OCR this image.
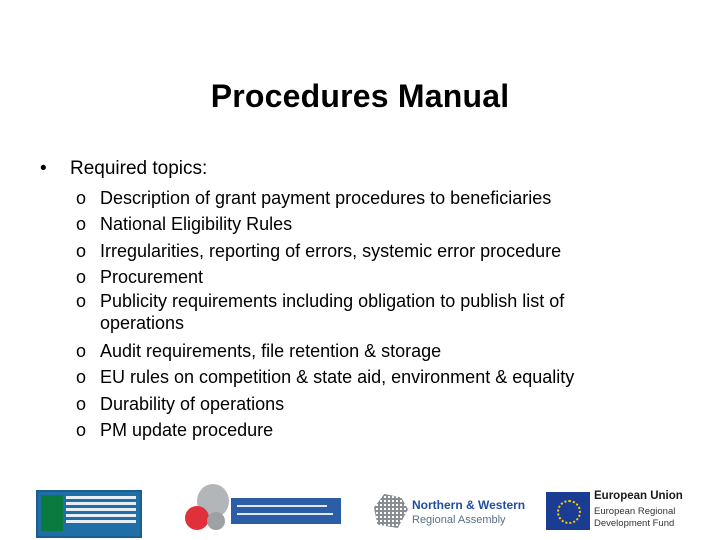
Procedures Manual
• Required topics:
o Description of grant payment procedures to beneficiaries
o National Eligibility Rules
o Irregularities, reporting of errors, systemic error procedure
o Procurement
o Publicity requirements including obligation to publish list of operations
o Audit requirements, file retention & storage
o EU rules on competition & state aid, environment & equality
o Durability of operations
o PM update procedure
Northern & Western
Regional Assembly
European Union
European Regional
Development Fund
